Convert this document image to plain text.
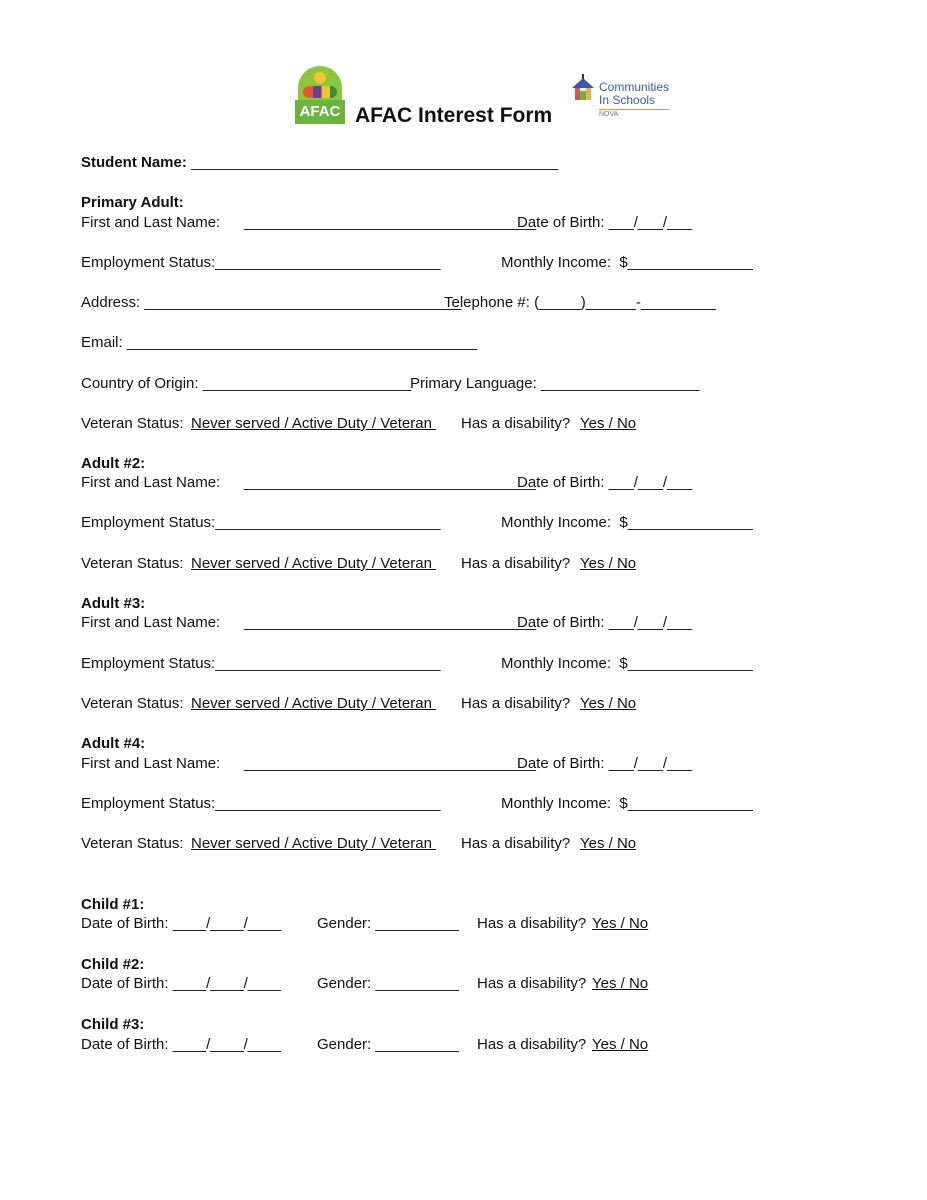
AFAC AFAC Interest Form
Communities
In Schools
NOVA
Student Name: ____________________________________________
Primary Adult:
First and Last Name: ___________________________________
Date of Birth: ___/___/___
Employment Status:___________________________	Monthly Income:  $_______________
Address: ______________________________________
Telephone #: (_____)______-_________
Email: __________________________________________
Country of Origin: _________________________
Primary Language: ___________________
Veteran Status: Never served / Active Duty / Veteran Has a disability? Yes / No
Adult #2:
First and Last Name: ___________________________________
Date of Birth: ___/___/___
Employment Status:___________________________	Monthly Income:  $_______________
Veteran Status: Never served / Active Duty / Veteran Has a disability? Yes / No
Adult #3:
First and Last Name: ___________________________________
Date of Birth: ___/___/___
Employment Status:___________________________	Monthly Income:  $_______________
Veteran Status: Never served / Active Duty / Veteran Has a disability? Yes / No
Adult #4:
First and Last Name: ___________________________________
Date of Birth: ___/___/___
Employment Status:___________________________	Monthly Income:  $_______________
Veteran Status: Never served / Active Duty / Veteran Has a disability? Yes / No
Child #1:
Date of Birth: ____/____/____ Gender: __________ Has a disability? Yes / No
Child #2:
Date of Birth: ____/____/____ Gender: __________ Has a disability? Yes / No
Child #3:
Date of Birth: ____/____/____ Gender: __________ Has a disability? Yes / No
